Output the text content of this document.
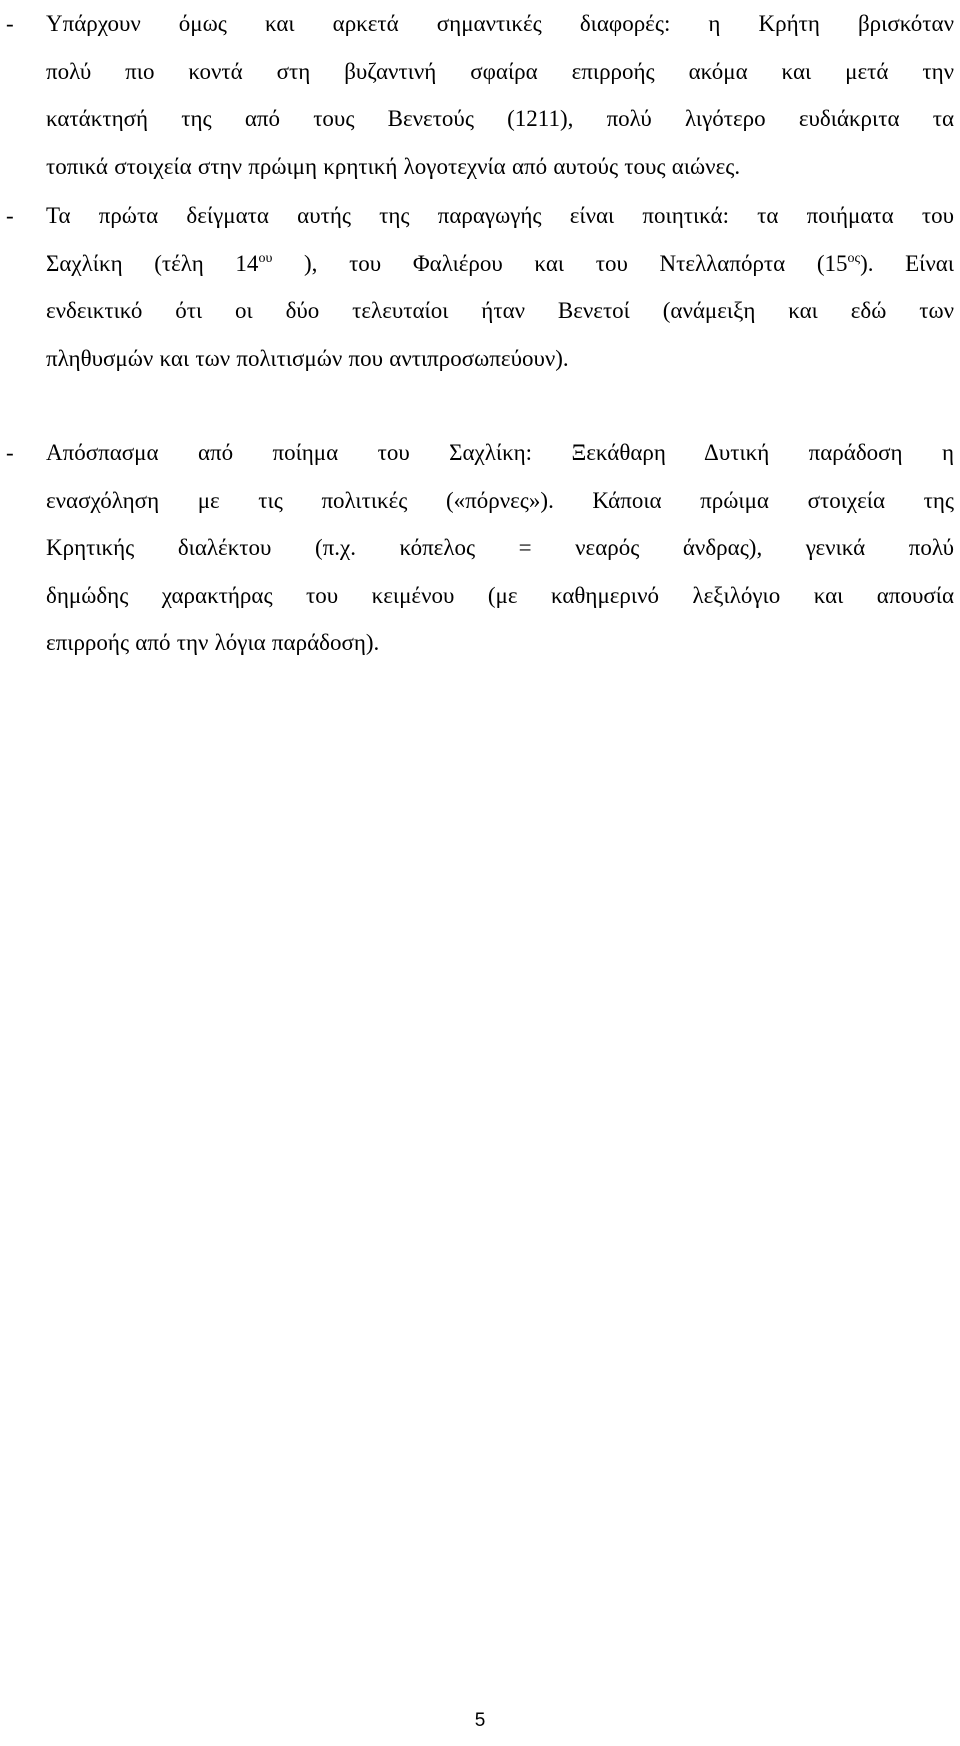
- Υπάρχουν όμως και αρκετά σημαντικές διαφορές: η Κρήτη βρισκόταν
πολύ πιο κοντά στη βυζαντινή σφαίρα επιρροής ακόμα και μετά την
κατάκτησή της από τους Βενετούς (1211), πολύ λιγότερο ευδιάκριτα τα
τοπικά στοιχεία στην πρώιμη κρητική λογοτεχνία από αυτούς τους αιώνες.
- Τα πρώτα δείγματα αυτής της παραγωγής είναι ποιητικά: τα ποιήματα του
Σαχλίκη (τέλη $14^{o\upsilon}$ ), του Φαλιέρου και του Ντελλαπόρτα $(15^{o\varsigma})$. Είναι
ενδεικτικό ότι οι δύο τελευταίοι ήταν Βενετοί (ανάμειξη και εδώ των
πληθυσμών και των πολιτισμών που αντιπροσωπεύουν).
- Απόσπασμα από ποίημα του Σαχλίκη: Ξεκάθαρη Δυτική παράδοση η
ενασχόληση με τις πολιτικές («πόρνες»). Κάποια πρώιμα στοιχεία της
Κρητικής διαλέκτου (π.χ. κόπελος = νεαρός άνδρας), γενικά πολύ
δημώδης χαρακτήρας του κειμένου (με καθημερινό λεξιλόγιο και απουσία
επιρροής από την λόγια παράδοση).
5
